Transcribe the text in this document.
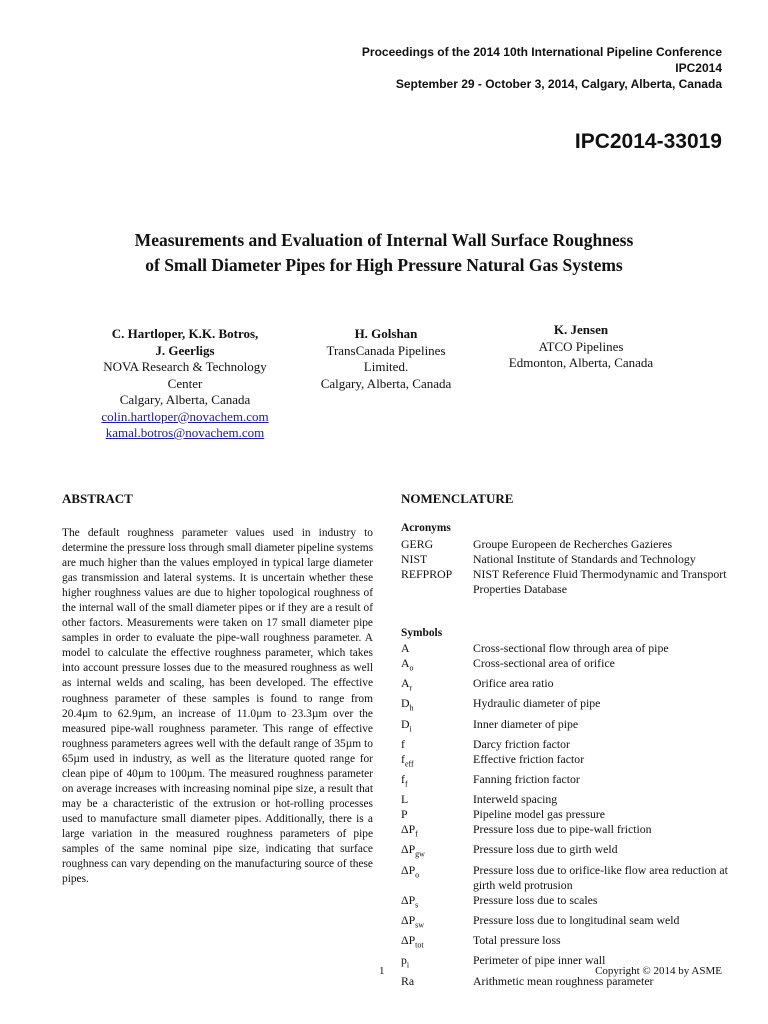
Proceedings of the 2014 10th International Pipeline Conference
IPC2014
September 29 - October 3, 2014, Calgary, Alberta, Canada
IPC2014-33019
Measurements and Evaluation of Internal Wall Surface Roughness
of Small Diameter Pipes for High Pressure Natural Gas Systems
C. Hartloper, K.K. Botros,
J. Geerligs
NOVA Research & Technology
Center
Calgary, Alberta, Canada
colin.hartloper@novachem.com
kamal.botros@novachem.com
H. Golshan
TransCanada Pipelines
Limited.
Calgary, Alberta, Canada
K. Jensen
ATCO Pipelines
Edmonton, Alberta, Canada
ABSTRACT
The default roughness parameter values used in industry to determine the pressure loss through small diameter pipeline systems are much higher than the values employed in typical large diameter gas transmission and lateral systems. It is uncertain whether these higher roughness values are due to higher topological roughness of the internal wall of the small diameter pipes or if they are a result of other factors. Measurements were taken on 17 small diameter pipe samples in order to evaluate the pipe-wall roughness parameter. A model to calculate the effective roughness parameter, which takes into account pressure losses due to the measured roughness as well as internal welds and scaling, has been developed. The effective roughness parameter of these samples is found to range from 20.4µm to 62.9µm, an increase of 11.0µm to 23.3µm over the measured pipe-wall roughness parameter. This range of effective roughness parameters agrees well with the default range of 35µm to 65µm used in industry, as well as the literature quoted range for clean pipe of 40µm to 100µm. The measured roughness parameter on average increases with increasing nominal pipe size, a result that may be a characteristic of the extrusion or hot-rolling processes used to manufacture small diameter pipes. Additionally, there is a large variation in the measured roughness parameters of pipe samples of the same nominal pipe size, indicating that surface roughness can vary depending on the manufacturing source of these pipes.
NOMENCLATURE
Acronyms
GERG	Groupe Europeen de Recherches Gazieres
NIST	National Institute of Standards and Technology
REFPROP	NIST Reference Fluid Thermodynamic and Transport Properties Database
Symbols
A	Cross-sectional flow through area of pipe
$A_o$	Cross-sectional area of orifice
$A_r$	Orifice area ratio
$D_h$	Hydraulic diameter of pipe
$D_i$	Inner diameter of pipe
f	Darcy friction factor
$f_{eff}$	Effective friction factor
$f_f$	Fanning friction factor
L	Interweld spacing
P	Pipeline model gas pressure
$\Delta P_f$	Pressure loss due to pipe-wall friction
$\Delta P_{gw}$	Pressure loss due to girth weld
$\Delta P_o$	Pressure loss due to orifice-like flow area reduction at girth weld protrusion
$\Delta P_s$	Pressure loss due to scales
$\Delta P_{sw}$	Pressure loss due to longitudinal seam weld
$\Delta P_{tot}$	Total pressure loss
$p_i$	Perimeter of pipe inner wall
Ra	Arithmetic mean roughness parameter
1	Copyright © 2014 by ASME
